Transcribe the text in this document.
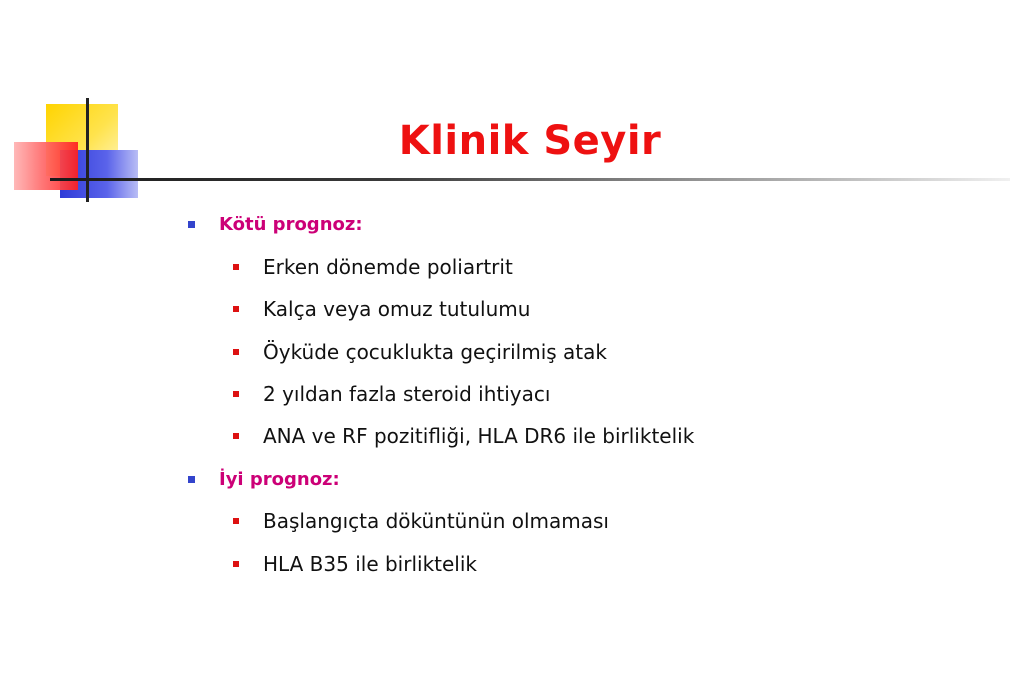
Klinik Seyir
Kötü prognoz:
Erken dönemde poliartrit
Kalça veya omuz tutulumu
Öyküde çocuklukta geçirilmiş atak
2 yıldan fazla steroid ihtiyacı
ANA ve RF pozitifliği, HLA DR6 ile birliktelik
İyi prognoz:
Başlangıçta döküntünün olmaması
HLA B35 ile birliktelik
